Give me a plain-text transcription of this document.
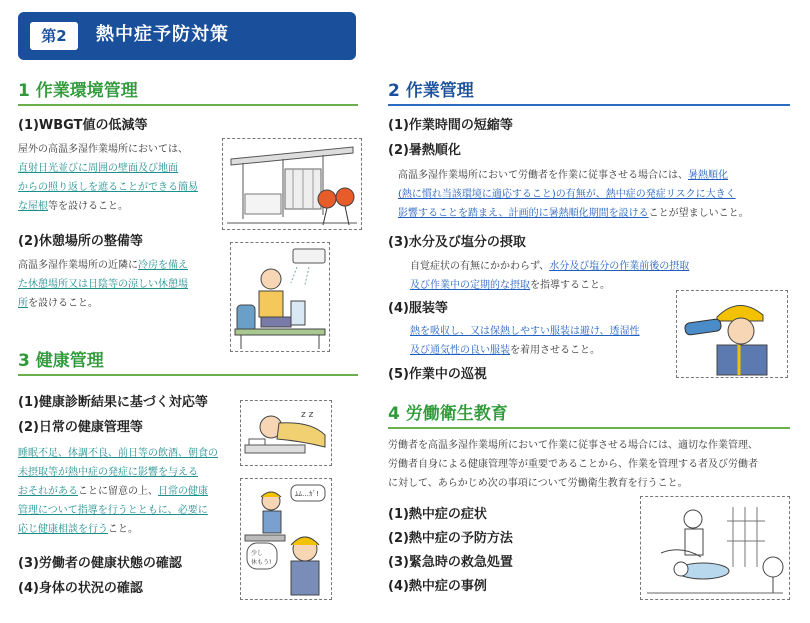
第2	熱中症予防対策
1 作業環境管理
(1)WBGT値の低減等
屋外の高温多湿作業場所においては、
直射日光並びに周囲の壁面及び地面
からの照り返しを遮ることができる簡易
な屋根等を設けること。
(2)休憩場所の整備等
高温多湿作業場所の近隣に冷房を備え
た休憩場所又は日陰等の涼しい休憩場
所を設けること。
3 健康管理
(1)健康診断結果に基づく対応等
(2)日常の健康管理等
睡眠不足、体調不良、前日等の飲酒、朝食の
未摂取等が熱中症の発症に影響を与える
おそれがあることに留意の上、日常の健康
管理について指導を行うとともに、必要に
応じ健康相談を行うこと。
z z
ﾑﾑ…ｶﾞ!
少し
休もう!
(3)労働者の健康状態の確認
(4)身体の状況の確認
2 作業管理
(1)作業時間の短縮等
(2)暑熱順化
高温多湿作業場所において労働者を作業に従事させる場合には、暑熱順化
(熱に慣れ当該環境に適応すること)の有無が、熱中症の発症リスクに大きく
影響することを踏まえ、計画的に暑熱順化期間を設けることが望ましいこと。
(3)水分及び塩分の摂取
自覚症状の有無にかかわらず、水分及び塩分の作業前後の摂取
及び作業中の定期的な摂取を指導すること。
(4)服装等
熱を吸収し、又は保熱しやすい服装は避け、透湿性
及び通気性の良い服装を着用させること。
(5)作業中の巡視
4 労働衛生教育
労働者を高温多湿作業場所において作業に従事させる場合には、適切な作業管理、
労働者自身による健康管理等が重要であることから、作業を管理する者及び労働者
に対して、あらかじめ次の事項について労働衛生教育を行うこと。
(1)熱中症の症状
(2)熱中症の予防方法
(3)緊急時の救急処置
(4)熱中症の事例
